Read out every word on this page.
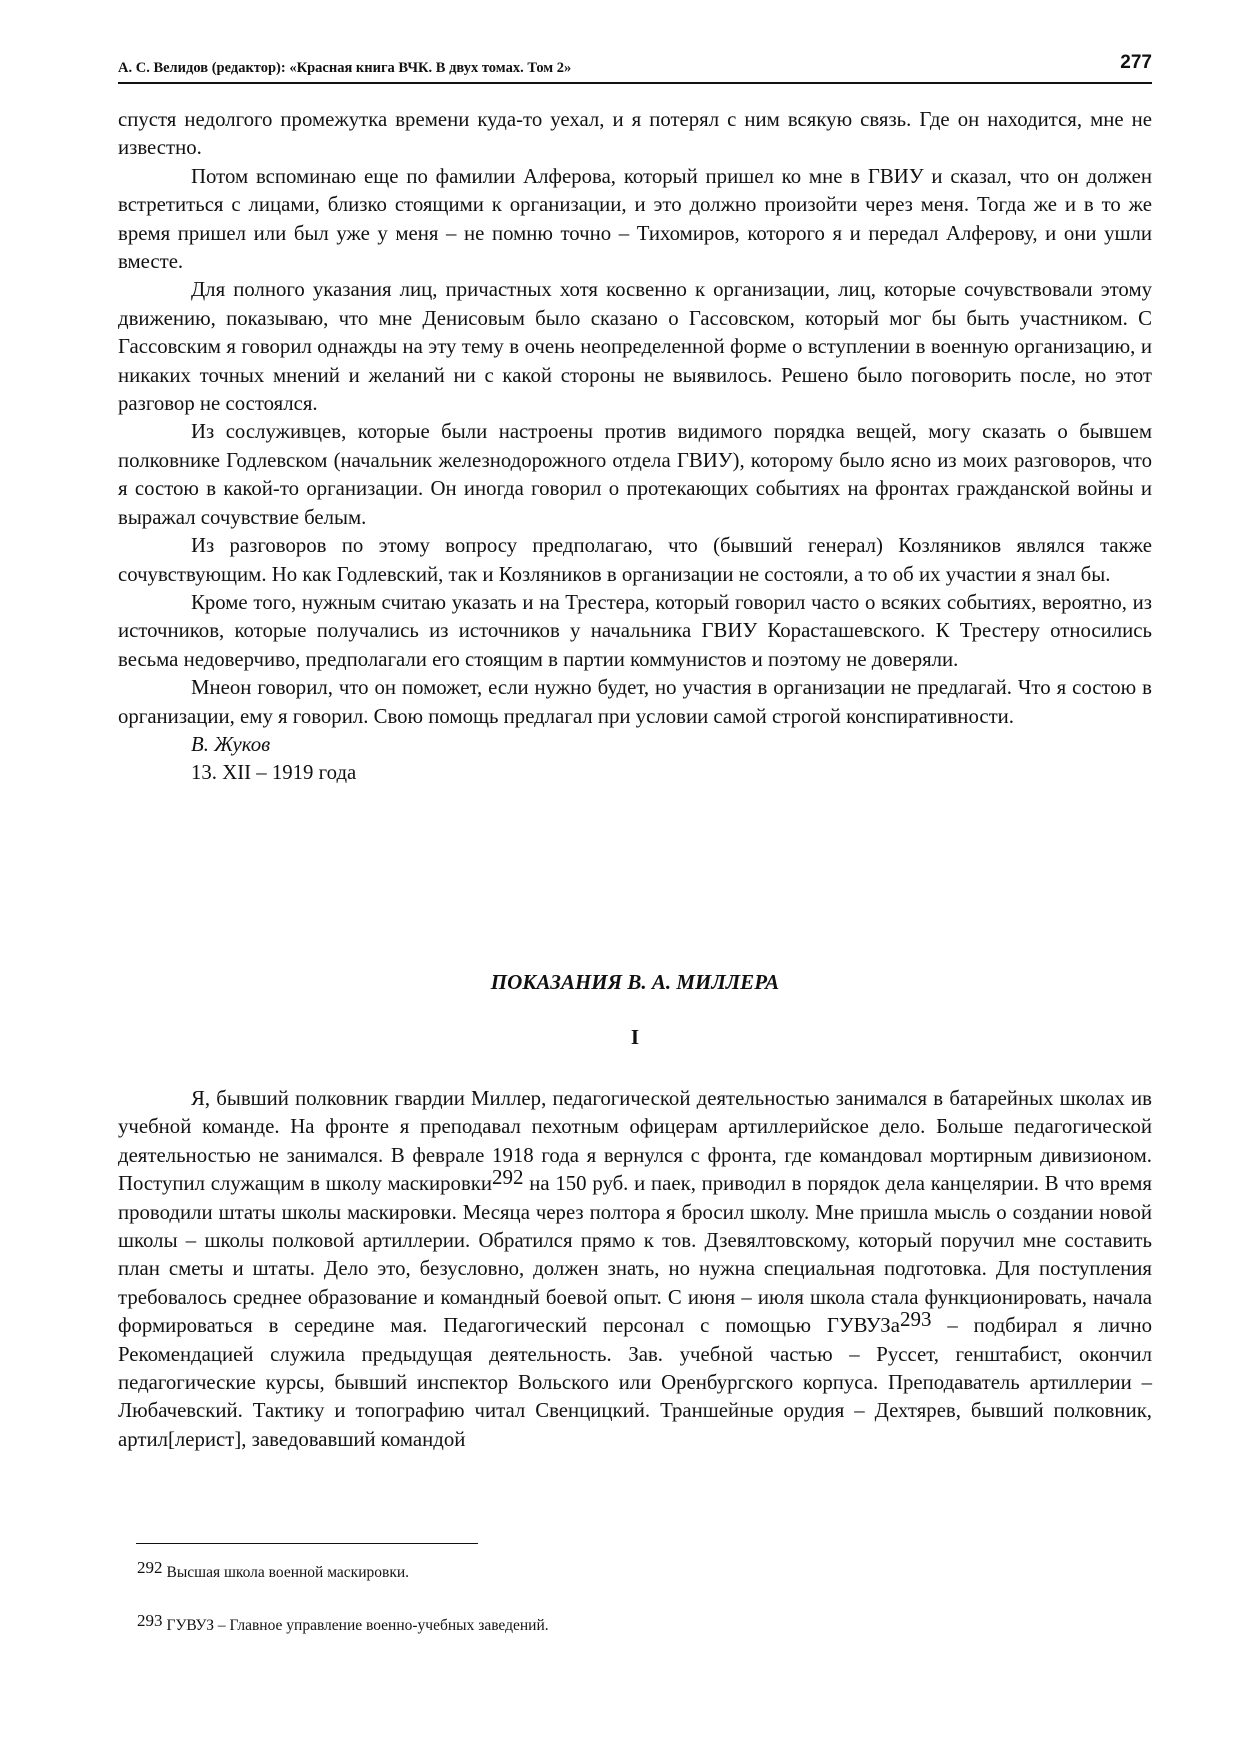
А. С. Велидов (редактор): «Красная книга ВЧК. В двух томах. Том 2»	277

спустя недолгого промежутка времени куда-то уехал, и я потерял с ним всякую связь. Где он находится, мне не известно.

Потом вспоминаю еще по фамилии Алферова, который пришел ко мне в ГВИУ и сказал, что он должен встретиться с лицами, близко стоящими к организации, и это должно произойти через меня. Тогда же и в то же время пришел или был уже у меня – не помню точно – Тихомиров, которого я и передал Алферову, и они ушли вместе.

Для полного указания лиц, причастных хотя косвенно к организации, лиц, которые сочувствовали этому движению, показываю, что мне Денисовым было сказано о Гассовском, который мог бы быть участником. С Гассовским я говорил однажды на эту тему в очень неопределенной форме о вступлении в военную организацию, и никаких точных мнений и желаний ни с какой стороны не выявилось. Решено было поговорить после, но этот разговор не состоялся.

Из сослуживцев, которые были настроены против видимого порядка вещей, могу сказать о бывшем полковнике Годлевском (начальник железнодорожного отдела ГВИУ), которому было ясно из моих разговоров, что я состою в какой-то организации. Он иногда говорил о протекающих событиях на фронтах гражданской войны и выражал сочувствие белым.

Из разговоров по этому вопросу предполагаю, что (бывший генерал) Козляников являлся также сочувствующим. Но как Годлевский, так и Козляников в организации не состояли, а то об их участии я знал бы.

Кроме того, нужным считаю указать и на Трестера, который говорил часто о всяких событиях, вероятно, из источников, которые получались из источников у начальника ГВИУ Кораcташевского. К Трестеру относились весьма недоверчиво, предполагали его стоящим в партии коммунистов и поэтому не доверяли.

Мнеон говорил, что он поможет, если нужно будет, но участия в организации не предлагай. Что я состою в организации, ему я говорил. Свою помощь предлагал при условии самой строгой конспиративности.

В. Жуков
13. XII – 1919 года
ПОКАЗАНИЯ В. А. МИЛЛЕРА
I

Я, бывший полковник гвардии Миллер, педагогической деятельностью занимался в батарейных школах ив учебной команде. На фронте я преподавал пехотным офицерам артиллерийское дело. Больше педагогической деятельностью не занимался. В феврале 1918 года я вернулся с фронта, где командовал мортирным дивизионом. Поступил служащим в школу маскировки$^{292}$ на 150 руб. и паек, приводил в порядок дела канцелярии. В что время проводили штаты школы маскировки. Месяца через полтора я бросил школу. Мне пришла мысль о создании новой школы – школы полковой артиллерии. Обратился прямо к тов. Дзевялтовскому, который поручил мне составить план сметы и штаты. Дело это, безусловно, должен знать, но нужна специальная подготовка. Для поступления требовалось среднее образование и командный боевой опыт. С июня – июля школа стала функционировать, начала формироваться в середине мая. Педагогический персонал с помощью ГУВУЗа$^{293}$ – подбирал я лично Рекомендацией служила предыдущая деятельность. Зав. учебной частью – Руссет, генштабист, окончил педагогические курсы, бывший инспектор Вольского или Оренбургского корпуса. Преподаватель артиллерии – Любачевский. Тактику и топографию читал Свенцицкий. Траншейные орудия – Дехтярев, бывший полковник, артил[лерист], заведовавший командой

292 Высшая школа военной маскировки.
293 ГУВУЗ – Главное управление военно-учебных заведений.
